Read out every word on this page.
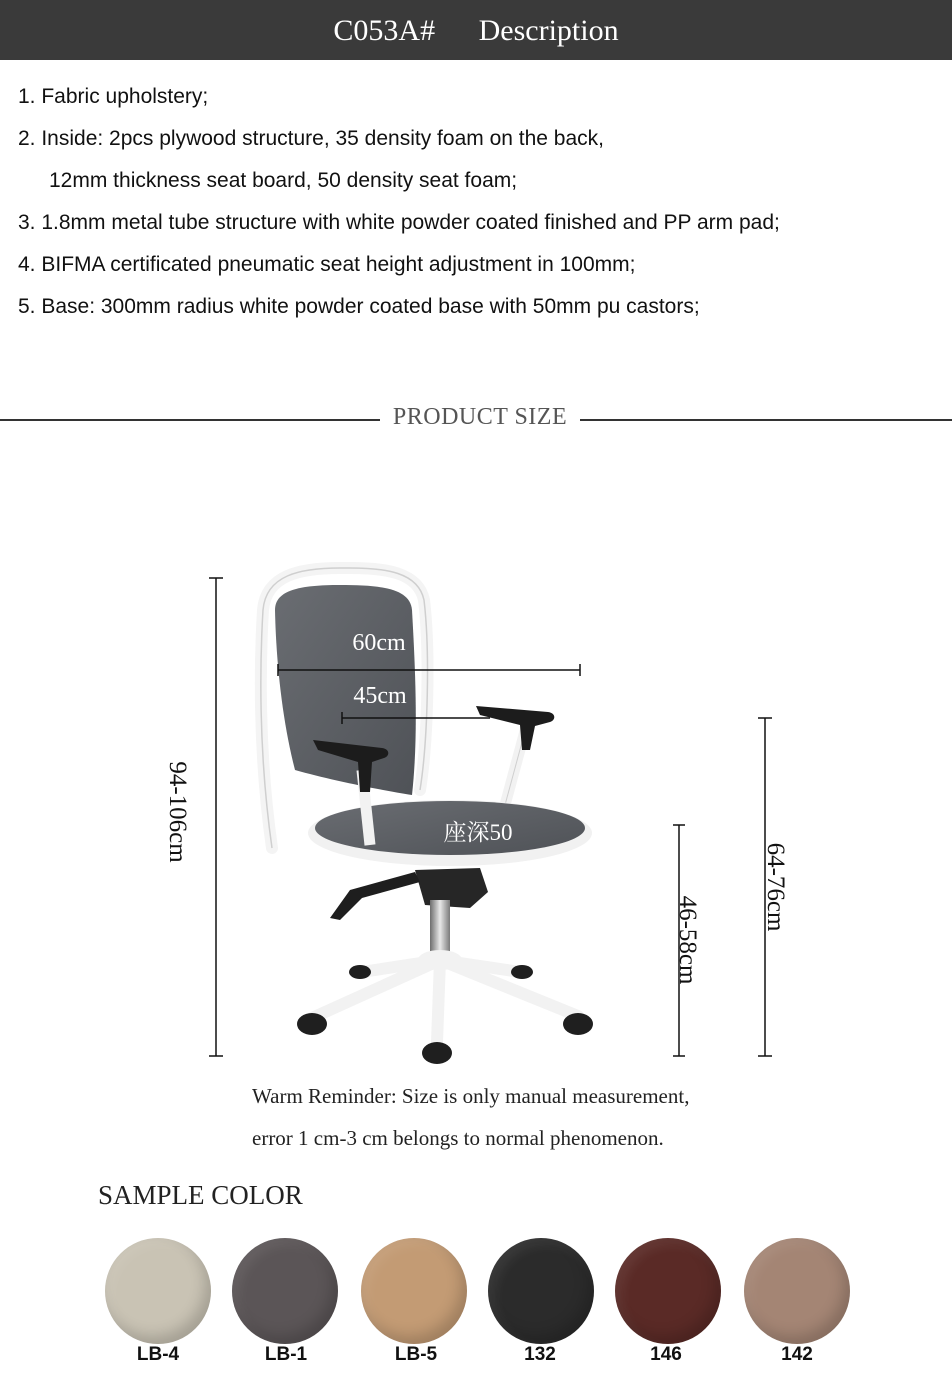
C053A# Description
1. Fabric upholstery;
2. Inside: 2pcs plywood structure, 35 density foam on the back,
12mm thickness seat board, 50 density seat foam;
3. 1.8mm metal tube structure with white powder coated finished and PP arm pad;
4. BIFMA certificated pneumatic seat height adjustment in 100mm;
5. Base: 300mm radius white powder coated base with 50mm pu castors;
PRODUCT SIZE
60cm
45cm
座深50
94-106cm
46-58cm
64-76cm
Warm Reminder: Size is only manual measurement,
error 1 cm-3 cm belongs to normal phenomenon.
SAMPLE COLOR
LB-4	LB-1	LB-5	132	146	142
